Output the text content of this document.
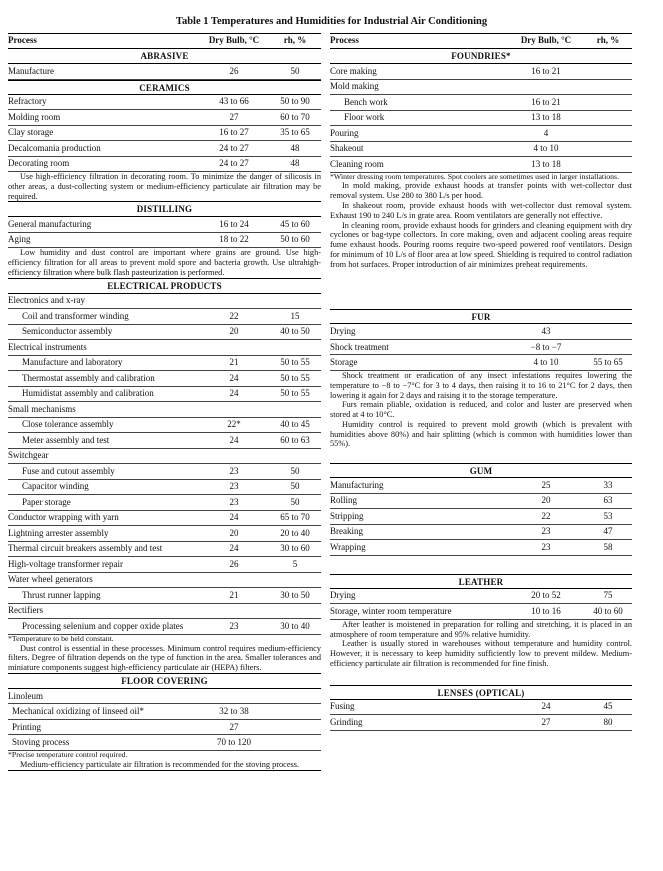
Table 1 Temperatures and Humidities for Industrial Air Conditioning
Process	Dry Bulb, °C	rh, %
ABRASIVE
Manufacture	26	50
CERAMICS
Refractory	43 to 66	50 to 90
Molding room	27	60 to 70
Clay storage	16 to 27	35 to 65
Decalcomania production	24 to 27	48
Decorating room	24 to 27	48
Use high-efficiency filtration in decorating room. To minimize the danger of silicosis in other areas, a dust-collecting system or medium-efficiency particulate air filtration may be required.
DISTILLING
General manufacturing	16 to 24	45 to 60
Aging	18 to 22	50 to 60
Low humidity and dust control are important where grains are ground. Use high-efficiency filtration for all areas to prevent mold spore and bacteria growth. Use ultrahigh-efficiency filtration where bulk flash pasteurization is performed.
ELECTRICAL PRODUCTS
Electronics and x-ray
Coil and transformer winding	22	15
Semiconductor assembly	20	40 to 50
Electrical instruments
Manufacture and laboratory	21	50 to 55
Thermostat assembly and calibration	24	50 to 55
Humidistat assembly and calibration	24	50 to 55
Small mechanisms
Close tolerance assembly	22*	40 to 45
Meter assembly and test	24	60 to 63
Switchgear
Fuse and cutout assembly	23	50
Capacitor winding	23	50
Paper storage	23	50
Conductor wrapping with yarn	24	65 to 70
Lightning arrester assembly	20	20 to 40
Thermal circuit breakers assembly and test	24	30 to 60
High-voltage transformer repair	26	5
Water wheel generators
Thrust runner lapping	21	30 to 50
Rectifiers
Processing selenium and copper oxide plates	23	30 to 40
*Temperature to be held constant.
Dust control is essential in these processes. Minimum control requires medium-efficiency filters. Degree of filtration depends on the type of function in the area. Smaller tolerances and miniature components suggest high-efficiency particulate air (HEPA) filters.
FLOOR COVERING
Linoleum
Mechanical oxidizing of linseed oil*	32 to 38
Printing	27
Stoving process	70 to 120
*Precise temperature control required.
Medium-efficiency particulate air filtration is recommended for the stoving process.
Process	Dry Bulb, °C	rh, %
FOUNDRIES*
Core making	16 to 21
Mold making
Bench work	16 to 21
Floor work	13 to 18
Pouring	4
Shakeout	4 to 10
Cleaning room	13 to 18
*Winter dressing room temperatures. Spot coolers are sometimes used in larger installations.
In mold making, provide exhaust hoods at transfer points with wet-collector dust removal system. Use 280 to 380 L/s per hood.
In shakeout room, provide exhaust hoods with wet-collector dust removal system. Exhaust 190 to 240 L/s in grate area. Room ventilators are generally not effective.
In cleaning room, provide exhaust hoods for grinders and cleaning equipment with dry cyclones or bag-type collectors. In core making, oven and adjacent cooling areas require fume exhaust hoods. Pouring rooms require two-speed powered roof ventilators. Design for minimum of 10 L/s of floor area at low speed. Shielding is required to control radiation from hot surfaces. Proper introduction of air minimizes preheat requirements.
FUR
Drying	43
Shock treatment	−8 to −7
Storage	4 to 10	55 to 65
Shock treatment or eradication of any insect infestations requires lowering the temperature to −8 to −7°C for 3 to 4 days, then raising it to 16 to 21°C for 2 days, then lowering it again for 2 days and raising it to the storage temperature.
Furs remain pliable, oxidation is reduced, and color and luster are preserved when stored at 4 to 10°C.
Humidity control is required to prevent mold growth (which is prevalent with humidities above 80%) and hair splitting (which is common with humidities lower than 55%).
GUM
Manufacturing	25	33
Rolling	20	63
Stripping	22	53
Breaking	23	47
Wrapping	23	58
LEATHER
Drying	20 to 52	75
Storage, winter room temperature	10 to 16	40 to 60
After leather is moistened in preparation for rolling and stretching, it is placed in an atmosphere of room temperature and 95% relative humidity.
Leather is usually stored in warehouses without temperature and humidity control. However, it is necessary to keep humidity sufficiently low to prevent mildew. Medium-efficiency particulate air filtration is recommended for fine finish.
LENSES (OPTICAL)
Fusing	24	45
Grinding	27	80
